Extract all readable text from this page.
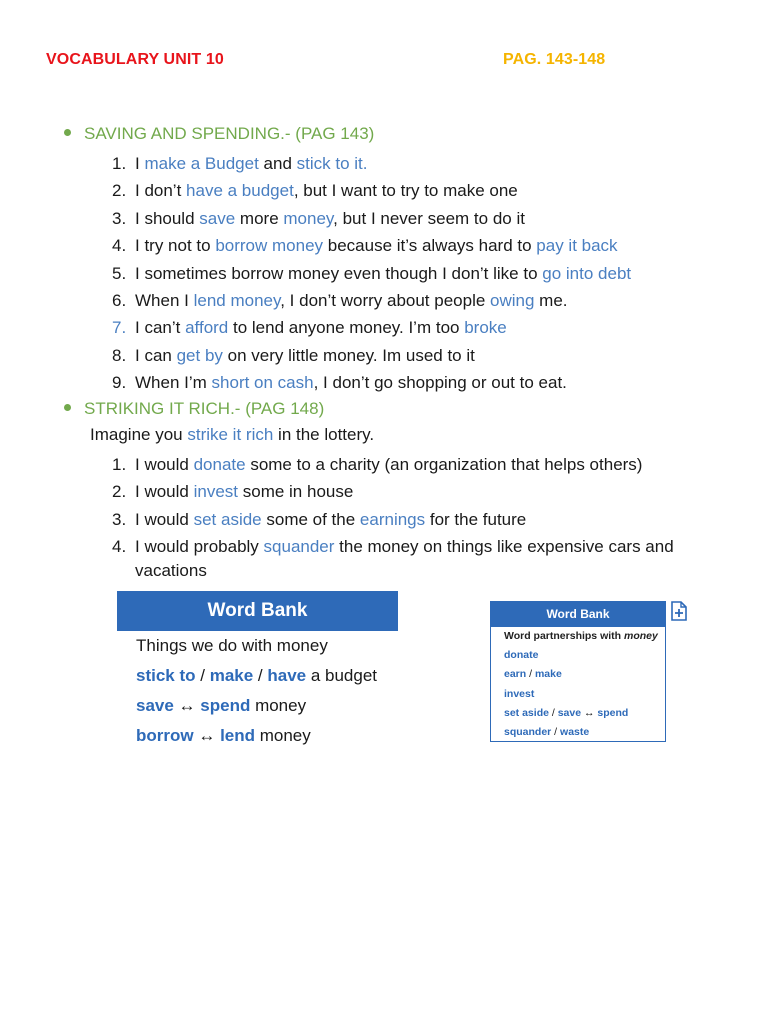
VOCABULARY UNIT 10	PAG. 143-148
SAVING AND SPENDING.- (PAG 143)
1. I make a Budget and stick to it.
2. I don’t have a budget, but I want to try to make one
3. I should save more money, but I never seem to do it
4. I try not to borrow money because it’s always hard to pay it back
5. I sometimes borrow money even though I don’t like to go into debt
6. When I lend money, I don’t worry about people owing me.
7. I can’t afford to lend anyone money. I’m too broke
8. I can get by on very little money. Im used to it
9. When I’m short on cash, I don’t go shopping or out to eat.
STRIKING IT RICH.- (PAG 148)
Imagine you strike it rich in the lottery.
1. I would donate some to a charity (an organization that helps others)
2. I would invest some in house
3. I would set aside some of the earnings for the future
4. I would probably squander the money on things like expensive cars and
vacations
Word Bank
Things we do with money
stick to / make / have a budget
save ↔ spend money
borrow ↔ lend money
Word Bank
Word partnerships with money
donate
earn / make
invest
set aside / save ↔ spend
squander / waste
